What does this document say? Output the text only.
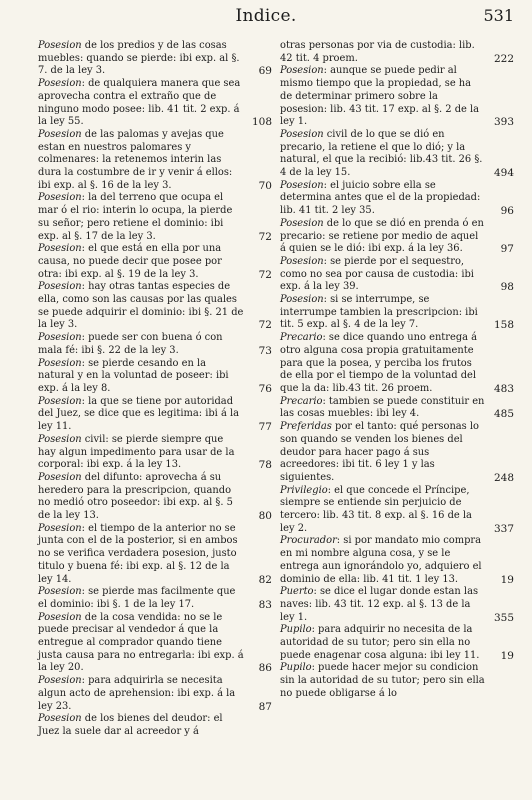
Indice.	531
Posesion de los predios y de las cosas muebles: quando se pierde: ibi exp. al §. 7. de la ley 3.	69
Posesion: de qualquiera manera que sea aprovecha contra el extraño que de ninguno modo posee: lib. 41 tit. 2 exp. á la ley 55.	108
Posesion de las palomas y avejas que estan en nuestros palomares y colmenares: la retenemos interin las dura la costumbre de ir y venir á ellos: ibi exp. al §. 16 de la ley 3.	70
Posesion: la del terreno que ocupa el mar ó el rio: interin lo ocupa, la pierde su señor; pero retiene el dominio: ibi exp. al §. 17 de la ley 3.	72
Posesion: el que está en ella por una causa, no puede decir que posee por otra: ibi exp. al §. 19 de la ley 3.	72
Posesion: hay otras tantas especies de ella, como son las causas por las quales se puede adquirir el dominio: ibi §. 21 de la ley 3.	72
Posesion: puede ser con buena ó con mala fé: ibi §. 22 de la ley 3.	73
Posesion: se pierde cesando en la natural y en la voluntad de poseer: ibi exp. á la ley 8.	76
Posesion: la que se tiene por autoridad del Juez, se dice que es legitima: ibi á la ley 11.	77
Posesion civil: se pierde siempre que hay algun impedimento para usar de la corporal: ibi exp. á la ley 13.	78
Posesion del difunto: aprovecha á su heredero para la prescripcion, quando no medió otro poseedor: ibi exp. al §. 5 de la ley 13.	80
Posesion: el tiempo de la anterior no se junta con el de la posterior, si en ambos no se verifica verdadera posesion, justo titulo y buena fé: ibi exp. al §. 12 de la ley 14.	82
Posesion: se pierde mas facilmente que el dominio: ibi §. 1 de la ley 17.	83
Posesion de la cosa vendida: no se le puede precisar al vendedor á que la entregue al comprador quando tiene justa causa para no entregarla: ibi exp. á la ley 20.	86
Posesion: para adquirirla se necesita algun acto de aprehension: ibi exp. á la ley 23.	87
Posesion de los bienes del deudor: el Juez la suele dar al acreedor y á
otras personas por via de custodia: lib. 42 tit. 4 proem.	222
Posesion: aunque se puede pedir al mismo tiempo que la propiedad, se ha de determinar primero sobre la posesion: lib. 43 tit. 17 exp. al §. 2 de la ley 1.	393
Posesion civil de lo que se dió en precario, la retiene el que lo dió; y la natural, el que la recibió: lib.43 tit. 26 §. 4 de la ley 15.	494
Posesion: el juicio sobre ella se determina antes que el de la propiedad: lib. 41 tit. 2 ley 35.	96
Posesion de lo que se dió en prenda ó en precario: se retiene por medio de aquel á quien se le dió: ibi exp. á la ley 36.	97
Posesion: se pierde por el sequestro, como no sea por causa de custodia: ibi exp. á la ley 39.	98
Posesion: si se interrumpe, se interrumpe tambien la prescripcion: ibi tit. 5 exp. al §. 4 de la ley 7.	158
Precario: se dice quando uno entrega á otro alguna cosa propia gratuitamente para que la posea, y perciba los frutos de ella por el tiempo de la voluntad del que la da: lib.43 tit. 26 proem.	483
Precario: tambien se puede constituir en las cosas muebles: ibi ley 4.	485
Preferidas por el tanto: qué personas lo son quando se venden los bienes del deudor para hacer pago á sus acreedores: ibi tit. 6 ley 1 y las siguientes.	248
Privilegio: el que concede el Príncipe, siempre se entiende sin perjuicio de tercero: lib. 43 tit. 8 exp. al §. 16 de la ley 2.	337
Procurador: si por mandato mio compra en mi nombre alguna cosa, y se le entrega aun ignorándolo yo, adquiero el dominio de ella: lib. 41 tit. 1 ley 13.	19
Puerto: se dice el lugar donde estan las naves: lib. 43 tit. 12 exp. al §. 13 de la ley 1.	355
Pupilo: para adquirir no necesita de la autoridad de su tutor; pero sin ella no puede enagenar cosa alguna: ibi ley 11.	19
Pupilo: puede hacer mejor su condicion sin la autoridad de su tutor; pero sin ella no puede obligarse á lo
